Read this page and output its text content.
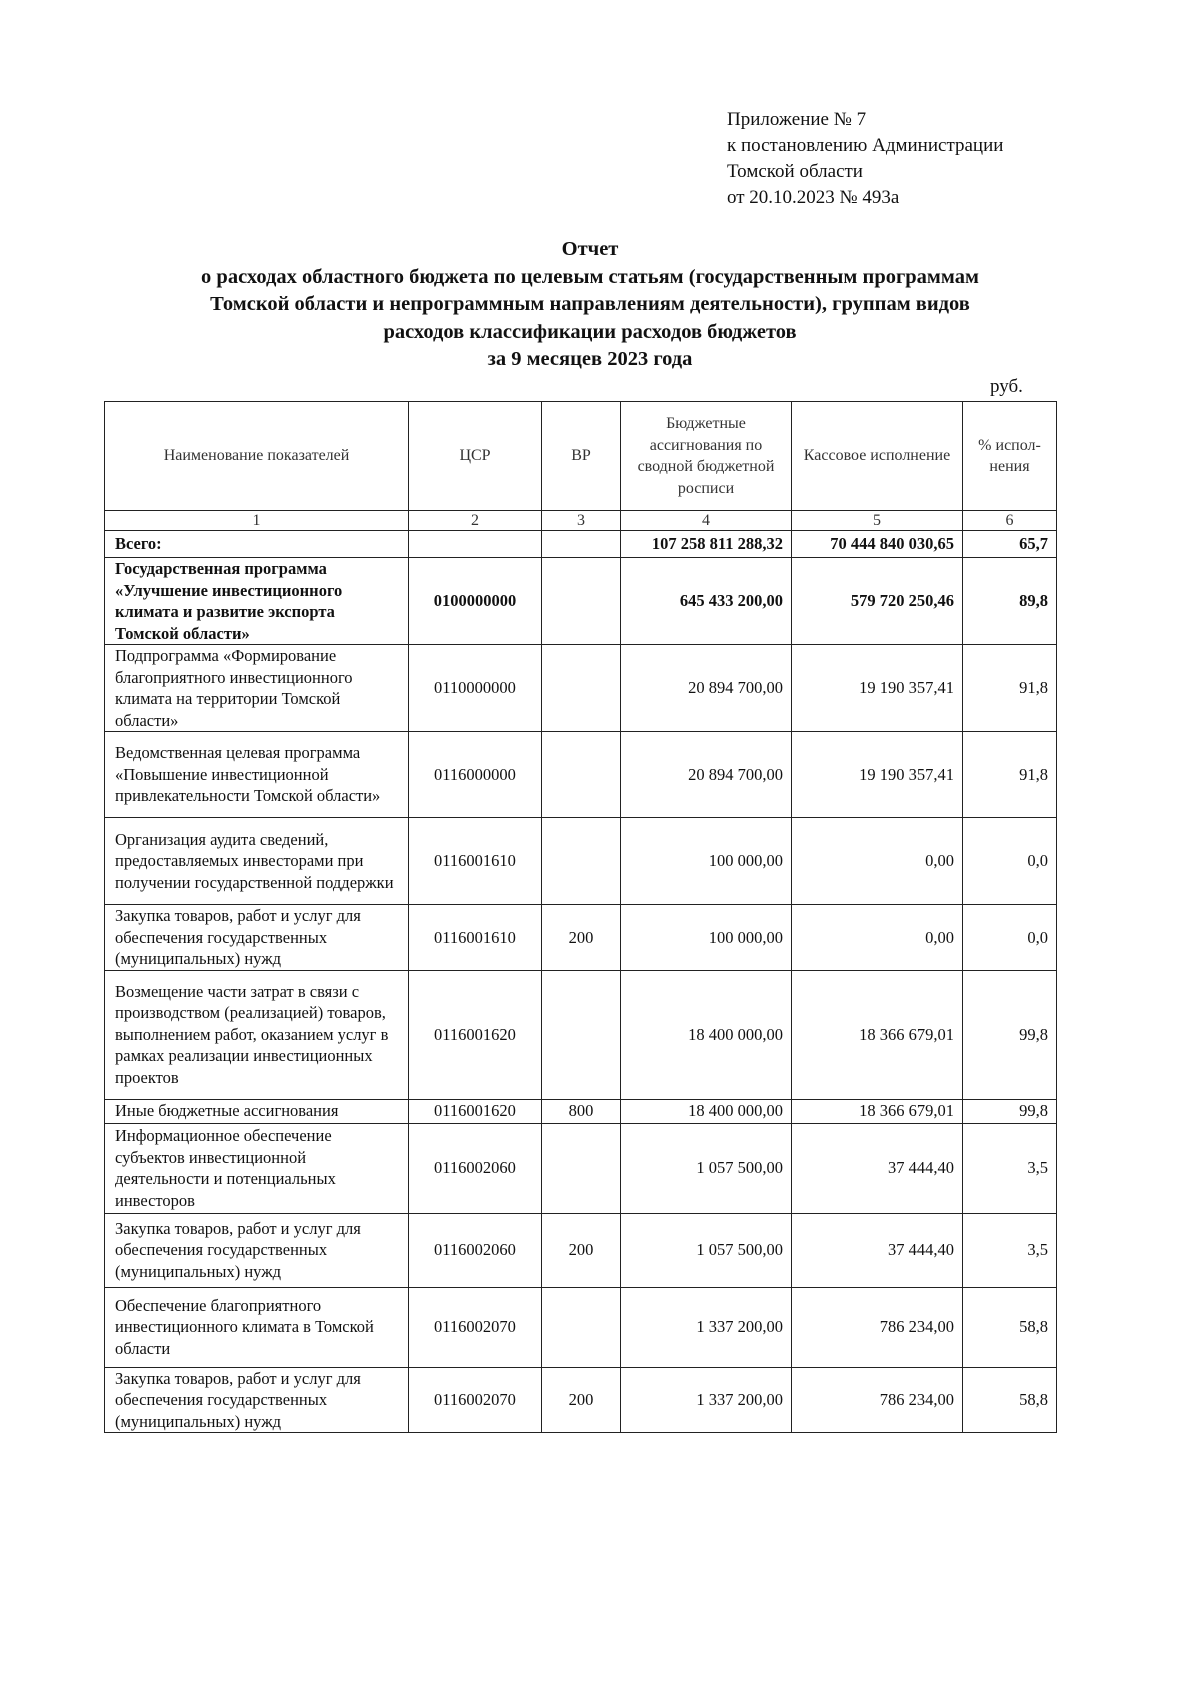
Приложение № 7
к постановлению Администрации
Томской области
от 20.10.2023 № 493а
Отчет
о расходах областного бюджета по целевым статьям (государственным программам
Томской области и непрограммным направлениям деятельности), группам видов
расходов классификации расходов бюджетов
за 9 месяцев 2023 года
руб.
Наименование показателей	ЦСР	ВР	Бюджетные ассигнования по сводной бюджетной росписи	Кассовое исполнение	% испол-нения
1	2	3	4	5	6
Всего:			107 258 811 288,32	70 444 840 030,65	65,7
Государственная программа «Улучшение инвестиционного климата и развитие экспорта Томской области»	0100000000		645 433 200,00	579 720 250,46	89,8
Подпрограмма «Формирование благоприятного инвестиционного климата на территории Томской области»	0110000000		20 894 700,00	19 190 357,41	91,8
Ведомственная целевая программа «Повышение инвестиционной привлекательности Томской области»	0116000000		20 894 700,00	19 190 357,41	91,8
Организация аудита сведений, предоставляемых инвесторами при получении государственной поддержки	0116001610		100 000,00	0,00	0,0
Закупка товаров, работ и услуг для обеспечения государственных (муниципальных) нужд	0116001610	200	100 000,00	0,00	0,0
Возмещение части затрат в связи с производством (реализацией) товаров, выполнением работ, оказанием услуг в рамках реализации инвестиционных проектов	0116001620		18 400 000,00	18 366 679,01	99,8
Иные бюджетные ассигнования	0116001620	800	18 400 000,00	18 366 679,01	99,8
Информационное обеспечение субъектов инвестиционной деятельности и потенциальных инвесторов	0116002060		1 057 500,00	37 444,40	3,5
Закупка товаров, работ и услуг для обеспечения государственных (муниципальных) нужд	0116002060	200	1 057 500,00	37 444,40	3,5
Обеспечение благоприятного инвестиционного климата в Томской области	0116002070		1 337 200,00	786 234,00	58,8
Закупка товаров, работ и услуг для обеспечения государственных (муниципальных) нужд	0116002070	200	1 337 200,00	786 234,00	58,8
